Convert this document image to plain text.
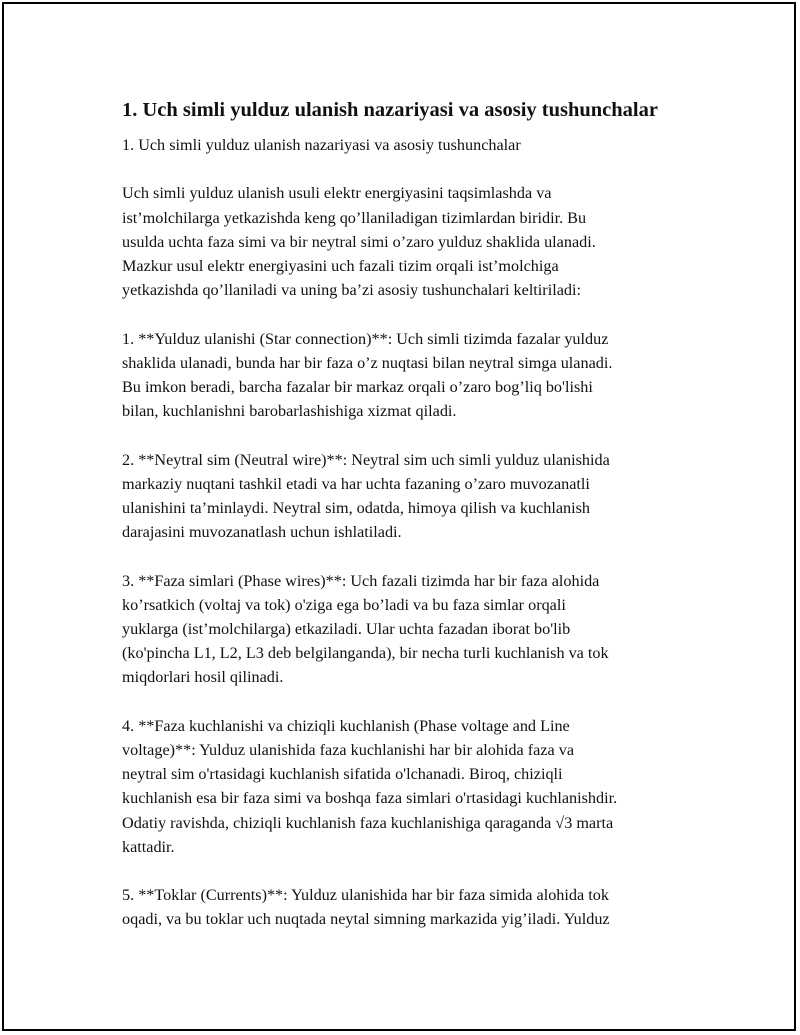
1. Uch simli yulduz ulanish nazariyasi va asosiy tushunchalar
1. Uch simli yulduz ulanish nazariyasi va asosiy tushunchalar
Uch simli yulduz ulanish usuli elektr energiyasini taqsimlashda va
ist’molchilarga yetkazishda keng qo’llaniladigan tizimlardan biridir. Bu
usulda uchta faza simi va bir neytral simi o’zaro yulduz shaklida ulanadi.
Mazkur usul elektr energiyasini uch fazali tizim orqali ist’molchiga
yetkazishda qo’llaniladi va uning ba’zi asosiy tushunchalari keltiriladi:
1. **Yulduz ulanishi (Star connection)**: Uch simli tizimda fazalar yulduz
shaklida ulanadi, bunda har bir faza o’z nuqtasi bilan neytral simga ulanadi.
Bu imkon beradi, barcha fazalar bir markaz orqali o’zaro bog’liq bo'lishi
bilan, kuchlanishni barobarlashishiga xizmat qiladi.
2. **Neytral sim (Neutral wire)**: Neytral sim uch simli yulduz ulanishida
markaziy nuqtani tashkil etadi va har uchta fazaning o’zaro muvozanatli
ulanishini ta’minlaydi. Neytral sim, odatda, himoya qilish va kuchlanish
darajasini muvozanatlash uchun ishlatiladi.
3. **Faza simlari (Phase wires)**: Uch fazali tizimda har bir faza alohida
ko’rsatkich (voltaj va tok) o'ziga ega bo’ladi va bu faza simlar orqali
yuklarga (ist’molchilarga) etkaziladi. Ular uchta fazadan iborat bo'lib
(ko'pincha L1, L2, L3 deb belgilanganda), bir necha turli kuchlanish va tok
miqdorlari hosil qilinadi.
4. **Faza kuchlanishi va chiziqli kuchlanish (Phase voltage and Line
voltage)**: Yulduz ulanishida faza kuchlanishi har bir alohida faza va
neytral sim o'rtasidagi kuchlanish sifatida o'lchanadi. Biroq, chiziqli
kuchlanish esa bir faza simi va boshqa faza simlari o'rtasidagi kuchlanishdir.
Odatiy ravishda, chiziqli kuchlanish faza kuchlanishiga qaraganda √3 marta
kattadir.
5. **Toklar (Currents)**: Yulduz ulanishida har bir faza simida alohida tok
oqadi, va bu toklar uch nuqtada neytal simning markazida yig’iladi. Yulduz
